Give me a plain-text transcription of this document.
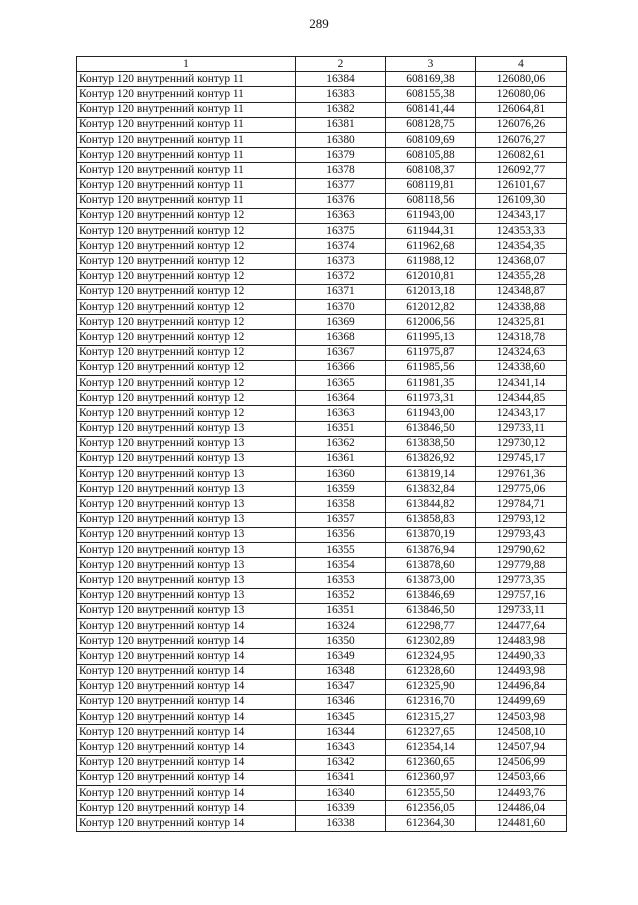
289
1	2	3	4
Контур 120 внутренний контур 11	16384	608169,38	126080,06
Контур 120 внутренний контур 11	16383	608155,38	126080,06
Контур 120 внутренний контур 11	16382	608141,44	126064,81
Контур 120 внутренний контур 11	16381	608128,75	126076,26
Контур 120 внутренний контур 11	16380	608109,69	126076,27
Контур 120 внутренний контур 11	16379	608105,88	126082,61
Контур 120 внутренний контур 11	16378	608108,37	126092,77
Контур 120 внутренний контур 11	16377	608119,81	126101,67
Контур 120 внутренний контур 11	16376	608118,56	126109,30
Контур 120 внутренний контур 12	16363	611943,00	124343,17
Контур 120 внутренний контур 12	16375	611944,31	124353,33
Контур 120 внутренний контур 12	16374	611962,68	124354,35
Контур 120 внутренний контур 12	16373	611988,12	124368,07
Контур 120 внутренний контур 12	16372	612010,81	124355,28
Контур 120 внутренний контур 12	16371	612013,18	124348,87
Контур 120 внутренний контур 12	16370	612012,82	124338,88
Контур 120 внутренний контур 12	16369	612006,56	124325,81
Контур 120 внутренний контур 12	16368	611995,13	124318,78
Контур 120 внутренний контур 12	16367	611975,87	124324,63
Контур 120 внутренний контур 12	16366	611985,56	124338,60
Контур 120 внутренний контур 12	16365	611981,35	124341,14
Контур 120 внутренний контур 12	16364	611973,31	124344,85
Контур 120 внутренний контур 12	16363	611943,00	124343,17
Контур 120 внутренний контур 13	16351	613846,50	129733,11
Контур 120 внутренний контур 13	16362	613838,50	129730,12
Контур 120 внутренний контур 13	16361	613826,92	129745,17
Контур 120 внутренний контур 13	16360	613819,14	129761,36
Контур 120 внутренний контур 13	16359	613832,84	129775,06
Контур 120 внутренний контур 13	16358	613844,82	129784,71
Контур 120 внутренний контур 13	16357	613858,83	129793,12
Контур 120 внутренний контур 13	16356	613870,19	129793,43
Контур 120 внутренний контур 13	16355	613876,94	129790,62
Контур 120 внутренний контур 13	16354	613878,60	129779,88
Контур 120 внутренний контур 13	16353	613873,00	129773,35
Контур 120 внутренний контур 13	16352	613846,69	129757,16
Контур 120 внутренний контур 13	16351	613846,50	129733,11
Контур 120 внутренний контур 14	16324	612298,77	124477,64
Контур 120 внутренний контур 14	16350	612302,89	124483,98
Контур 120 внутренний контур 14	16349	612324,95	124490,33
Контур 120 внутренний контур 14	16348	612328,60	124493,98
Контур 120 внутренний контур 14	16347	612325,90	124496,84
Контур 120 внутренний контур 14	16346	612316,70	124499,69
Контур 120 внутренний контур 14	16345	612315,27	124503,98
Контур 120 внутренний контур 14	16344	612327,65	124508,10
Контур 120 внутренний контур 14	16343	612354,14	124507,94
Контур 120 внутренний контур 14	16342	612360,65	124506,99
Контур 120 внутренний контур 14	16341	612360,97	124503,66
Контур 120 внутренний контур 14	16340	612355,50	124493,76
Контур 120 внутренний контур 14	16339	612356,05	124486,04
Контур 120 внутренний контур 14	16338	612364,30	124481,60
